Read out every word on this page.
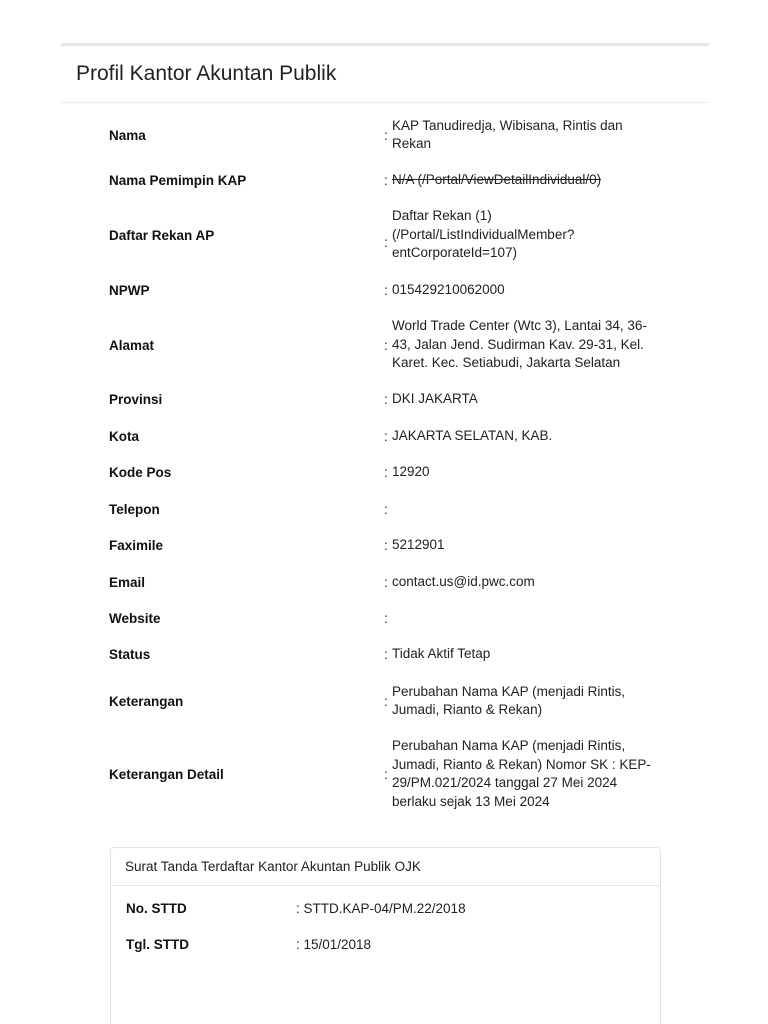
Profil Kantor Akuntan Publik
Nama	:
KAP Tanudiredja, Wibisana, Rintis dan Rekan
Nama Pemimpin KAP	: N/A (/Portal/ViewDetailIndividual/0)
Daftar Rekan AP	:
Daftar Rekan (1) (/Portal/ListIndividualMember?entCorporateId=107)
NPWP	: 015429210062000
Alamat	:
World Trade Center (Wtc 3), Lantai 34, 36-43, Jalan Jend. Sudirman Kav. 29-31, Kel. Karet. Kec. Setiabudi, Jakarta Selatan
Provinsi	: DKI JAKARTA
Kota	: JAKARTA SELATAN, KAB.
Kode Pos	: 12920
Telepon	:
Faximile	: 5212901
Email	: contact.us@id.pwc.com
Website	:
Status	: Tidak Aktif Tetap
Keterangan	:
Perubahan Nama KAP (menjadi Rintis, Jumadi, Rianto & Rekan)
Keterangan Detail	:
Perubahan Nama KAP (menjadi Rintis, Jumadi, Rianto & Rekan) Nomor SK : KEP-29/PM.021/2024 tanggal 27 Mei 2024 berlaku sejak 13 Mei 2024
Surat Tanda Terdaftar Kantor Akuntan Publik OJK
No. STTD	: STTD.KAP-04/PM.22/2018
Tgl. STTD	: 15/01/2018
